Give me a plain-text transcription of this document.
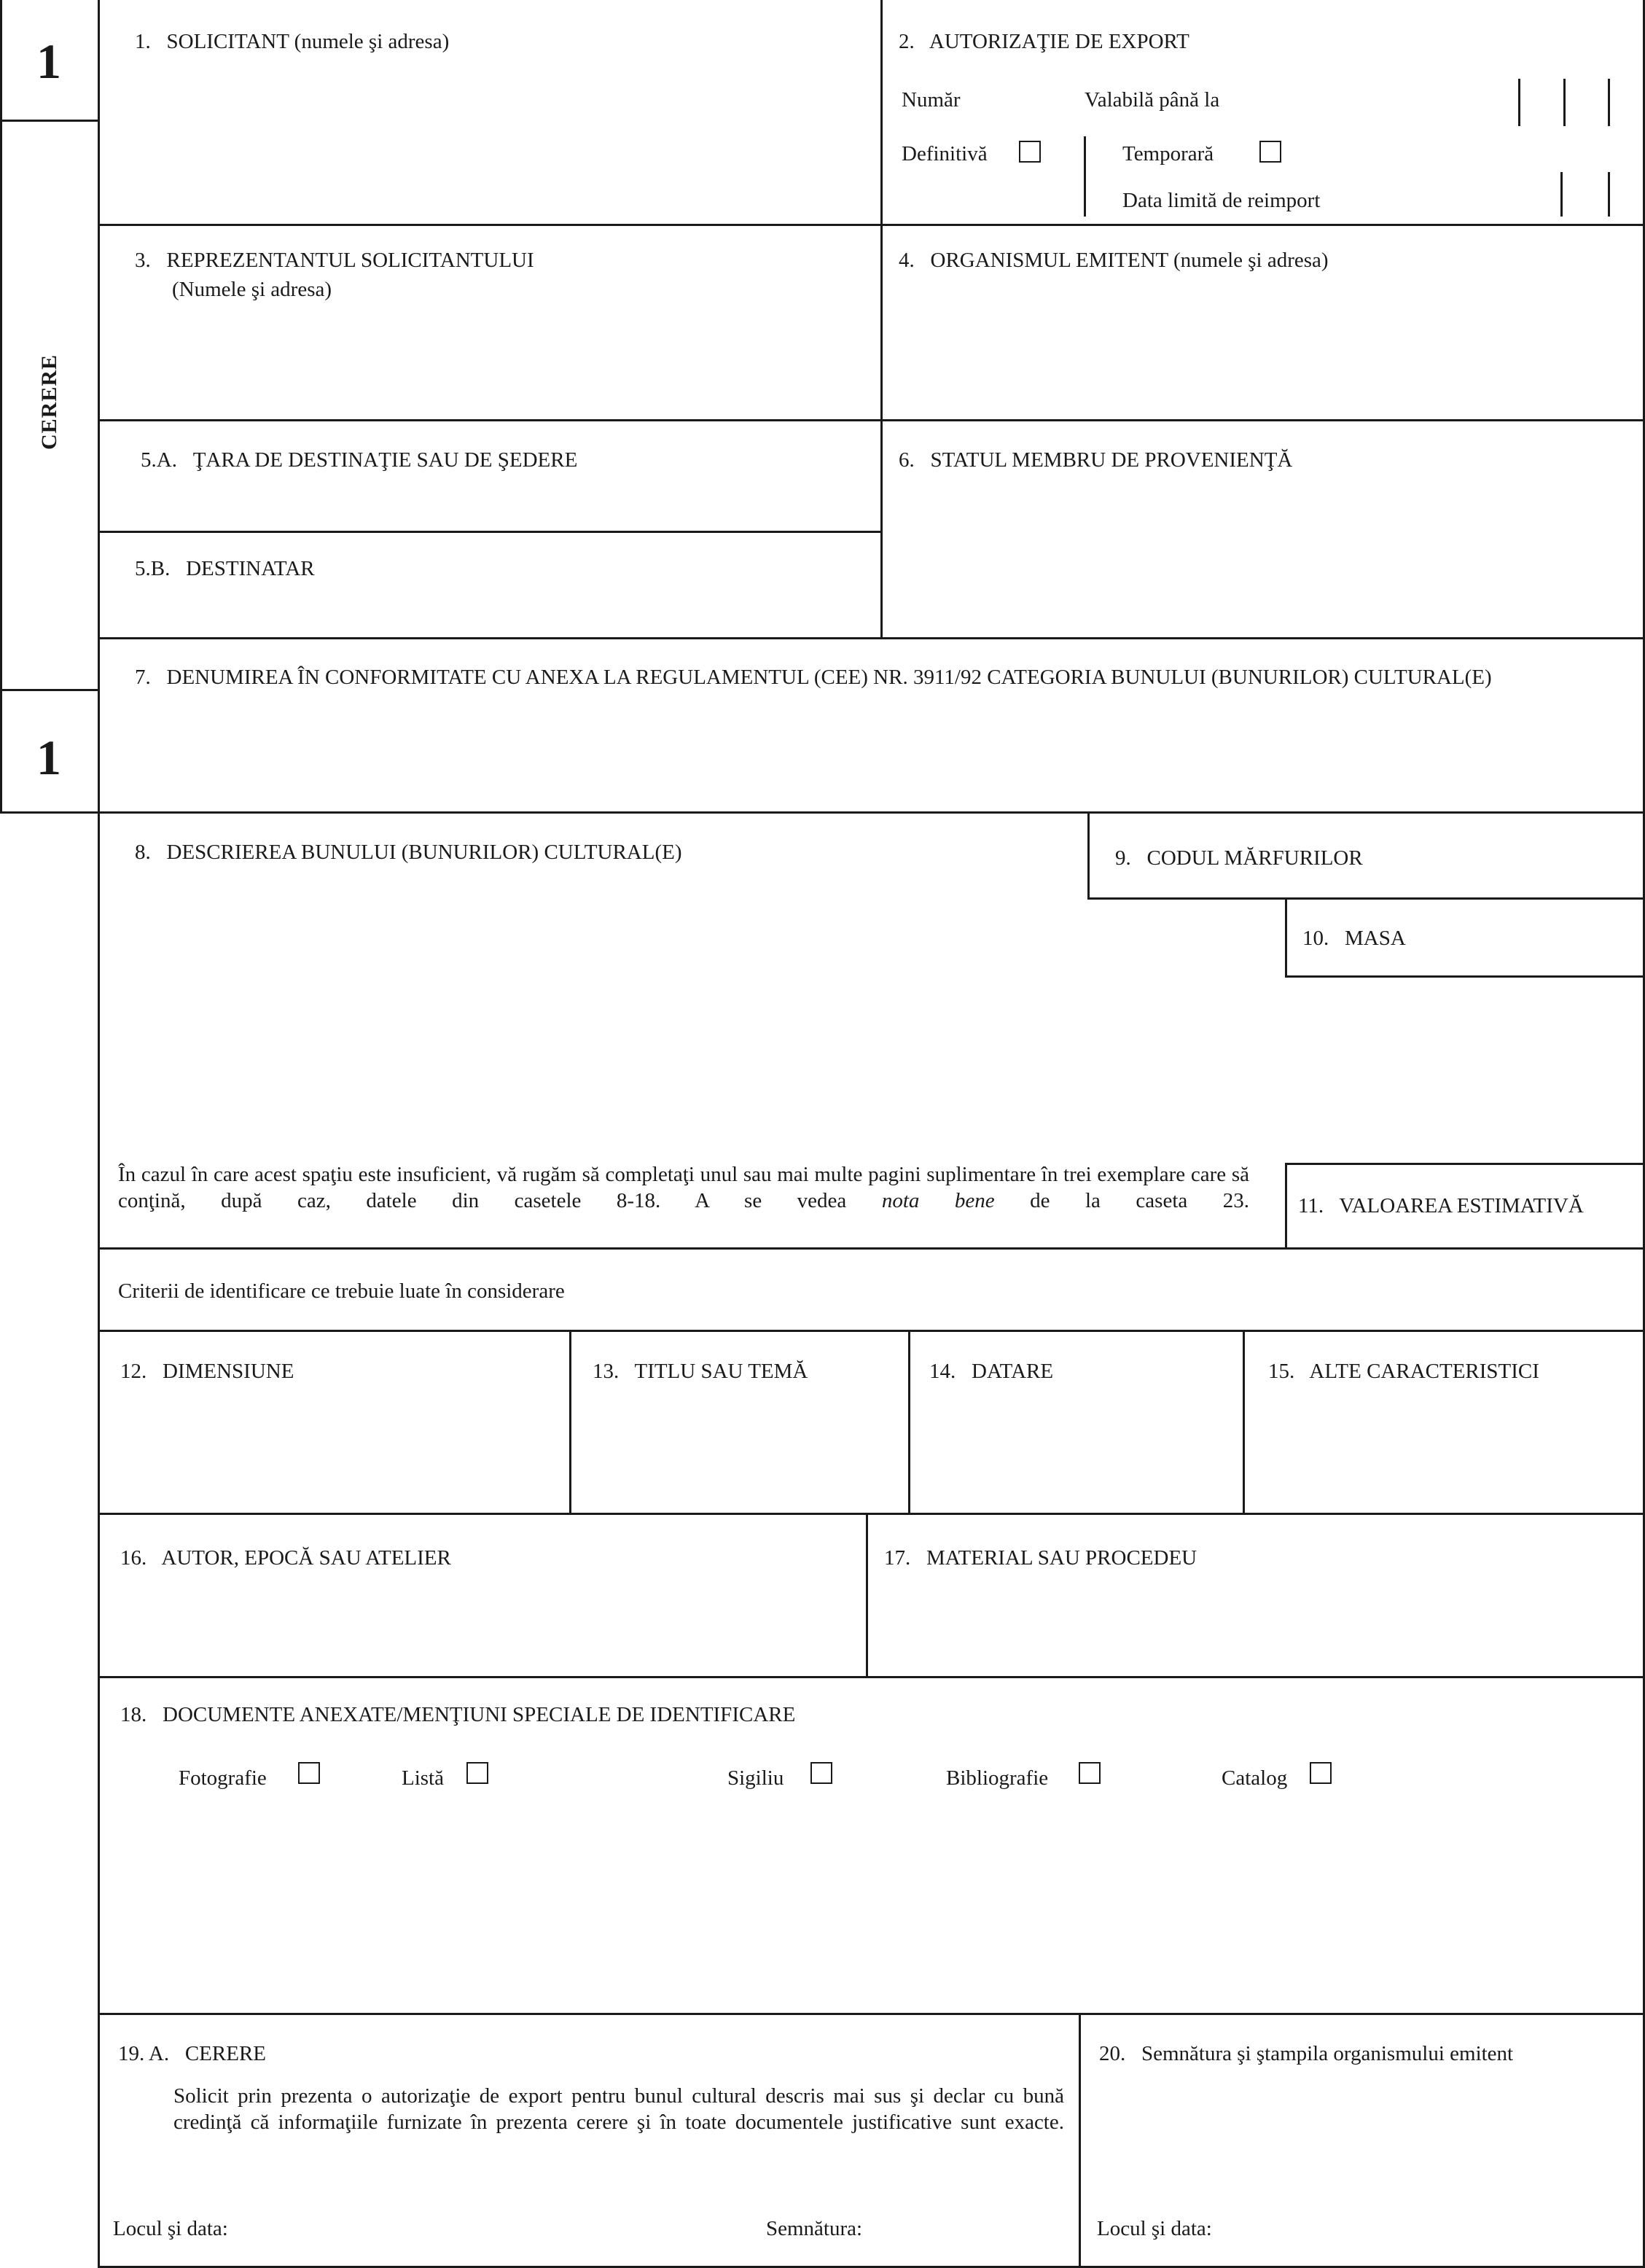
1
CERERE
1
1.  SOLICITANT (numele şi adresa)	2.  AUTORIZAŢIE DE EXPORT
Număr	Valabilă până la
Definitivă	Temporară
Data limită de reimport
3.  REPREZENTANTUL SOLICITANTULUI
(Numele şi adresa)
4.  ORGANISMUL EMITENT (numele şi adresa)
5.A.  ŢARA DE DESTINAŢIE SAU DE ŞEDERE
5.B.  DESTINATAR
6.  STATUL MEMBRU DE PROVENIENŢĂ
7.  DENUMIREA ÎN CONFORMITATE CU ANEXA LA REGULAMENTUL (CEE) NR. 3911/92 CATEGORIA BUNULUI (BUNURILOR) CULTURAL(E)
8.  DESCRIEREA BUNULUI (BUNURILOR) CULTURAL(E)	9.  CODUL MĂRFURILOR
10.  MASA
În cazul în care acest spaţiu este insuficient, vă rugăm să completaţi unul sau mai multe pagini suplimentare în trei exemplare care să conţină, după caz, datele din casetele 8-18. A se vedea nota bene de la caseta 23. 11.  VALOAREA ESTIMATIVĂ
Criterii de identificare ce trebuie luate în considerare
12.  DIMENSIUNE	13.  TITLU SAU TEMĂ	14.  DATARE	15.  ALTE CARACTERISTICI
16.  AUTOR, EPOCĂ SAU ATELIER	17.  MATERIAL SAU PROCEDEU
18.  DOCUMENTE ANEXATE/MENŢIUNI SPECIALE DE IDENTIFICARE
Fotografie	Listă	Sigiliu	Bibliografie	Catalog
19. A.  CERERE
Solicit prin prezenta o autorizaţie de export pentru bunul cultural descris mai sus şi declar cu bună credinţă că informaţiile furnizate în prezenta cerere şi în toate documentele justificative sunt exacte.
Locul şi data:	Semnătura:
20.  Semnătura şi ştampila organismului emitent
Locul şi data:
